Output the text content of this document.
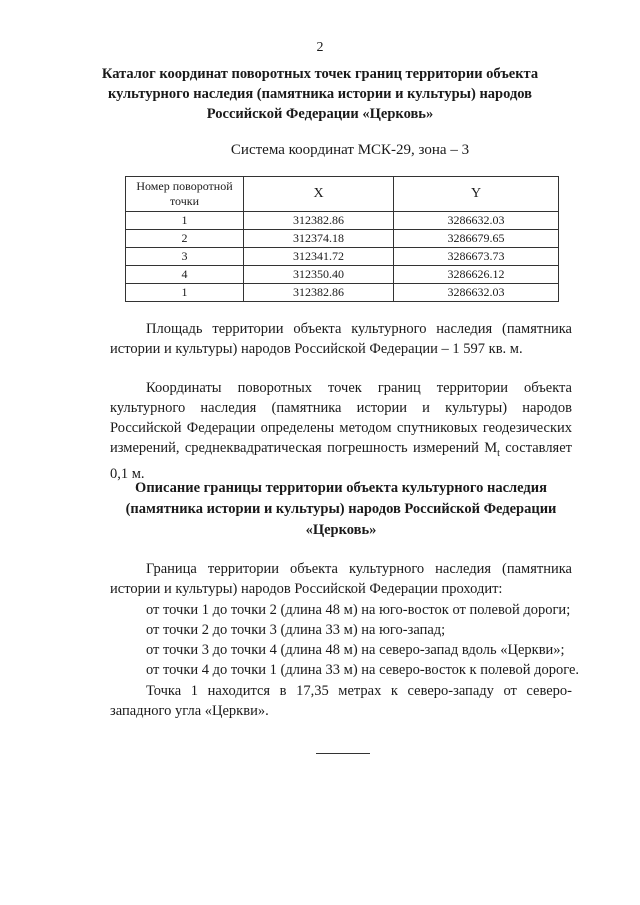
2
Каталог координат поворотных точек границ территории объекта культурного наследия (памятника истории и культуры) народов Российской Федерации «Церковь»
Система координат МСК-29, зона – 3
Номер поворотной точки	X	Y
1	312382.86	3286632.03
2	312374.18	3286679.65
3	312341.72	3286673.73
4	312350.40	3286626.12
1	312382.86	3286632.03
Площадь территории объекта культурного наследия (памятника истории и культуры) народов Российской Федерации – 1 597 кв. м.
Координаты поворотных точек границ территории объекта культурного наследия (памятника истории и культуры) народов Российской Федерации определены методом спутниковых геодезических измерений, среднеквадратическая погрешность измерений $M_t$ составляет 0,1 м.
Описание границы территории объекта культурного наследия (памятника истории и культуры) народов Российской Федерации «Церковь»
Граница территории объекта культурного наследия (памятника истории и культуры) народов Российской Федерации проходит:
от точки 1 до точки 2 (длина 48 м) на юго-восток от полевой дороги;
от точки 2 до точки 3 (длина 33 м) на юго-запад;
от точки 3 до точки 4 (длина 48 м) на северо-запад вдоль «Церкви»;
от точки 4 до точки 1 (длина 33 м) на северо-восток к полевой дороге.
Точка 1 находится в 17,35 метрах к северо-западу от северо-западного угла «Церкви».
